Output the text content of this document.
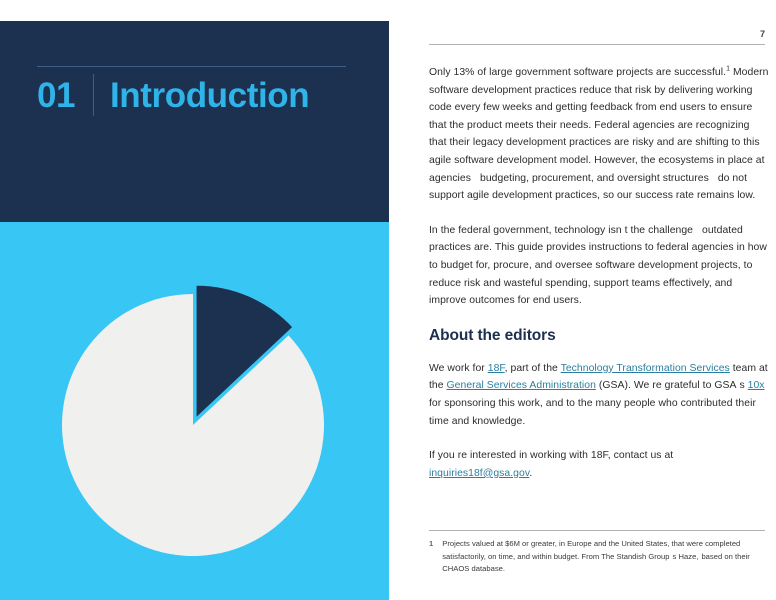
01 Introduction
7

Only 13% of large government software projects are successful.$^1$ Modern software development practices reduce that risk by delivering working code every few weeks and getting feedback from end users to ensure that the product meets their needs. Federal agencies are recognizing that their legacy development practices are risky and are shifting to this agile software development model. However, the ecosystems in place at agencies budgeting, procurement, and oversight structures do not support agile development practices, so our success rate remains low.

In the federal government, technology isn t the challenge outdated practices are. This guide provides instructions to federal agencies in how to budget for, procure, and oversee software development projects, to reduce risk and wasteful spending, support teams effectively, and improve outcomes for end users.

About the editors

We work for 18F, part of the Technology Transformation Services team at the General Services Administration (GSA). We re grateful to GSA s 10x for sponsoring this work, and to the many people who contributed their time and knowledge.

If you re interested in working with 18F, contact us at inquiries18f@gsa.gov.

1 Projects valued at $6M or greater, in Europe and the United States, that were completed satisfactorily, on time, and within budget. From The Standish Group s Haze, based on their CHAOS database.
